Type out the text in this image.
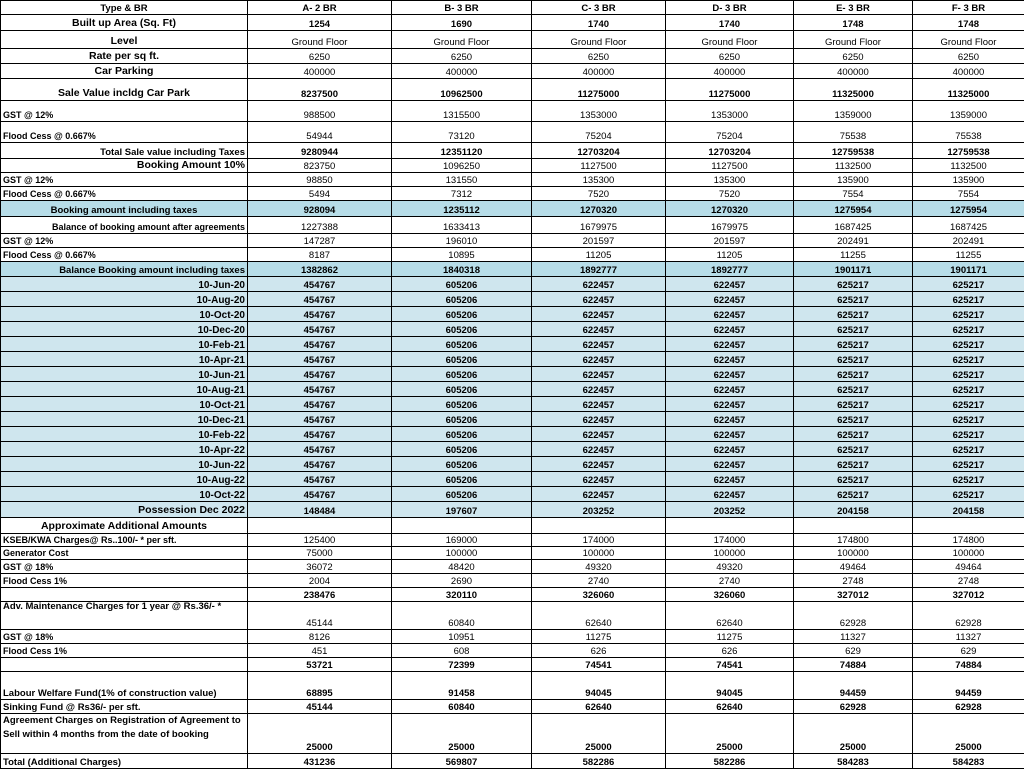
Type & BR	A- 2 BR	B- 3 BR	C- 3 BR	D- 3 BR	E- 3 BR	F- 3 BR
Built up Area (Sq. Ft)	1254	1690	1740	1740	1748	1748
Level	Ground Floor	Ground Floor	Ground Floor	Ground Floor	Ground Floor	Ground Floor
Rate per sq ft.	6250	6250	6250	6250	6250	6250
Car Parking	400000	400000	400000	400000	400000	400000
Sale Value incldg Car Park	8237500	10962500	11275000	11275000	11325000	11325000
GST @ 12%	988500	1315500	1353000	1353000	1359000	1359000
Flood Cess @ 0.667%	54944	73120	75204	75204	75538	75538
Total Sale value including Taxes	9280944	12351120	12703204	12703204	12759538	12759538
Booking Amount 10%	823750	1096250	1127500	1127500	1132500	1132500
GST @ 12%	98850	131550	135300	135300	135900	135900
Flood Cess @ 0.667%	5494	7312	7520	7520	7554	7554
Booking amount including taxes	928094	1235112	1270320	1270320	1275954	1275954
Balance of booking amount after agreements	1227388	1633413	1679975	1679975	1687425	1687425
GST @ 12%	147287	196010	201597	201597	202491	202491
Flood Cess @ 0.667%	8187	10895	11205	11205	11255	11255
Balance Booking amount including taxes	1382862	1840318	1892777	1892777	1901171	1901171
10-Jun-20	454767	605206	622457	622457	625217	625217
10-Aug-20	454767	605206	622457	622457	625217	625217
10-Oct-20	454767	605206	622457	622457	625217	625217
10-Dec-20	454767	605206	622457	622457	625217	625217
10-Feb-21	454767	605206	622457	622457	625217	625217
10-Apr-21	454767	605206	622457	622457	625217	625217
10-Jun-21	454767	605206	622457	622457	625217	625217
10-Aug-21	454767	605206	622457	622457	625217	625217
10-Oct-21	454767	605206	622457	622457	625217	625217
10-Dec-21	454767	605206	622457	622457	625217	625217
10-Feb-22	454767	605206	622457	622457	625217	625217
10-Apr-22	454767	605206	622457	622457	625217	625217
10-Jun-22	454767	605206	622457	622457	625217	625217
10-Aug-22	454767	605206	622457	622457	625217	625217
10-Oct-22	454767	605206	622457	622457	625217	625217
Possession Dec 2022	148484	197607	203252	203252	204158	204158
Approximate Additional Amounts						
KSEB/KWA Charges@ Rs..100/- * per sft.	125400	169000	174000	174000	174800	174800
Generator Cost	75000	100000	100000	100000	100000	100000
GST @ 18%	36072	48420	49320	49320	49464	49464
Flood Cess 1%	2004	2690	2740	2740	2748	2748
	238476	320110	326060	326060	327012	327012
Adv. Maintenance Charges for 1 year @ Rs.36/- *	45144	60840	62640	62640	62928	62928
GST @ 18%	8126	10951	11275	11275	11327	11327
Flood Cess 1%	451	608	626	626	629	629
	53721	72399	74541	74541	74884	74884
Labour Welfare Fund(1% of construction value)	68895	91458	94045	94045	94459	94459
Sinking Fund @ Rs36/- per sft.	45144	60840	62640	62640	62928	62928
Agreement Charges on Registration of Agreement to Sell within 4 months from the date of booking	25000	25000	25000	25000	25000	25000
Total (Additional Charges)	431236	569807	582286	582286	584283	584283
